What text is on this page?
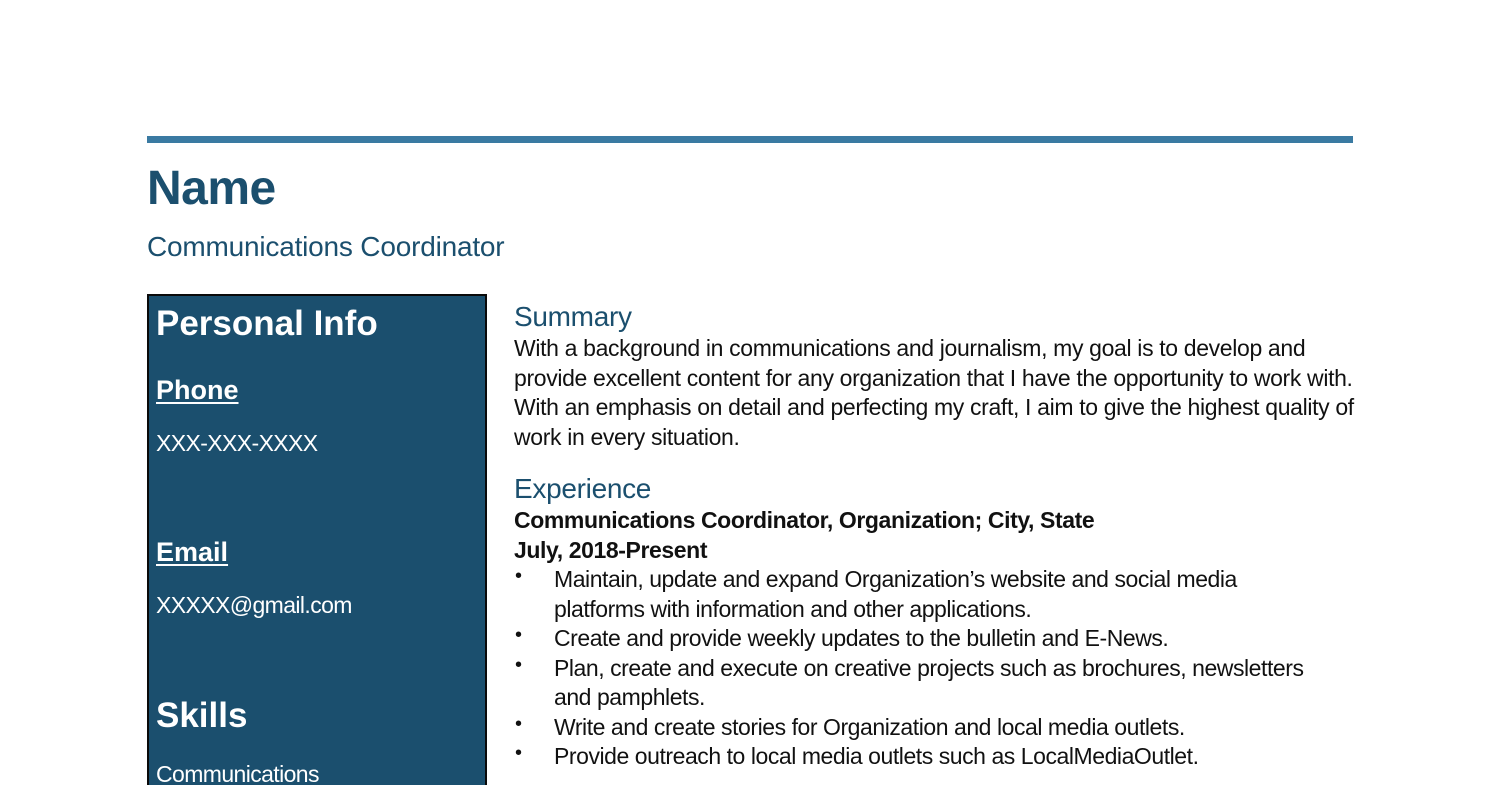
Name
Communications Coordinator
Personal Info
Phone
XXX-XXX-XXXX
Email
XXXXX@gmail.com
Skills
Communications
Summary

With a background in communications and journalism, my goal is to develop and provide excellent content for any organization that I have the opportunity to work with. With an emphasis on detail and perfecting my craft, I aim to give the highest quality of work in every situation.

Experience

Communications Coordinator, Organization; City, State

July, 2018-Present

• Maintain, update and expand Organization’s website and social media platforms with information and other applications.
• Create and provide weekly updates to the bulletin and E-News.
• Plan, create and execute on creative projects such as brochures, newsletters and pamphlets.
• Write and create stories for Organization and local media outlets.
• Provide outreach to local media outlets such as LocalMediaOutlet.
